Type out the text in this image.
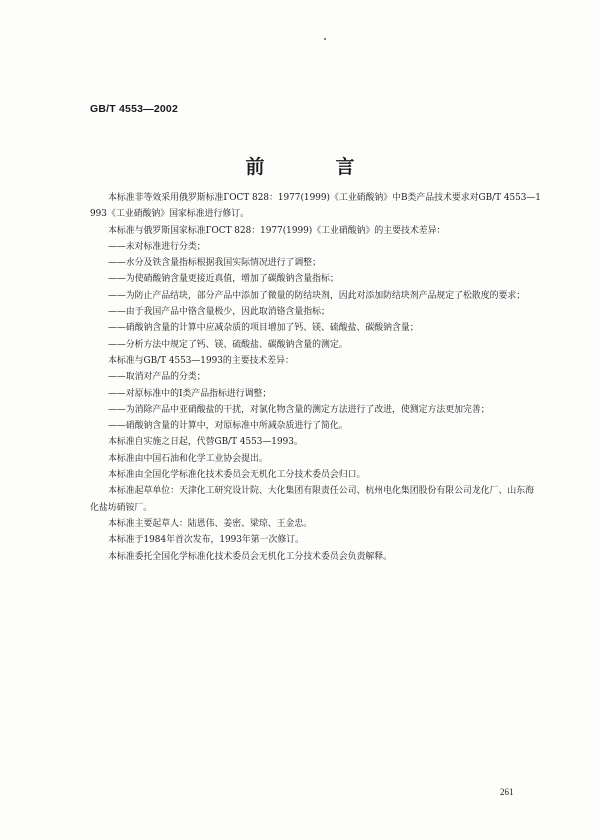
GB/T 4553—2002
前　言

本标准非等效采用俄罗斯标准ГОСТ 828：1977(1999)《工业硝酸钠》中B类产品技术要求对GB/T 4553—1993《工业硝酸钠》国家标准进行修订。

本标准与俄罗斯国家标准ГОСТ 828：1977(1999)《工业硝酸钠》的主要技术差异：

——未对标准进行分类；

——水分及铁含量指标根据我国实际情况进行了调整；

——为使硝酸钠含量更接近真值，增加了碳酸钠含量指标；

——为防止产品结块，部分产品中添加了微量的防结块剂，因此对添加防结块剂产品规定了松散度的要求；

——由于我国产品中铬含量极少，因此取消铬含量指标；

——硝酸钠含量的计算中应减杂质的项目增加了钙、镁、硫酸盐、碳酸钠含量；

——分析方法中规定了钙、镁、硫酸盐、碳酸钠含量的测定。

本标准与GB/T 4553—1993的主要技术差异：

——取消对产品的分类；

——对原标准中的Ⅰ类产品指标进行调整；

——为消除产品中亚硝酸盐的干扰，对氯化物含量的测定方法进行了改进，使测定方法更加完善；

——硝酸钠含量的计算中，对原标准中所减杂质进行了简化。

本标准自实施之日起，代替GB/T 4553—1993。

本标准由中国石油和化学工业协会提出。

本标准由全国化学标准化技术委员会无机化工分技术委员会归口。

本标准起草单位：天津化工研究设计院、大化集团有限责任公司、杭州电化集团股份有限公司龙化厂、山东海化盐坊硝铵厂。

本标准主要起草人：陆恩伟、姜密、梁琼、王金忠。

本标准于1984年首次发布，1993年第一次修订。

本标准委托全国化学标准化技术委员会无机化工分技术委员会负责解释。

261
